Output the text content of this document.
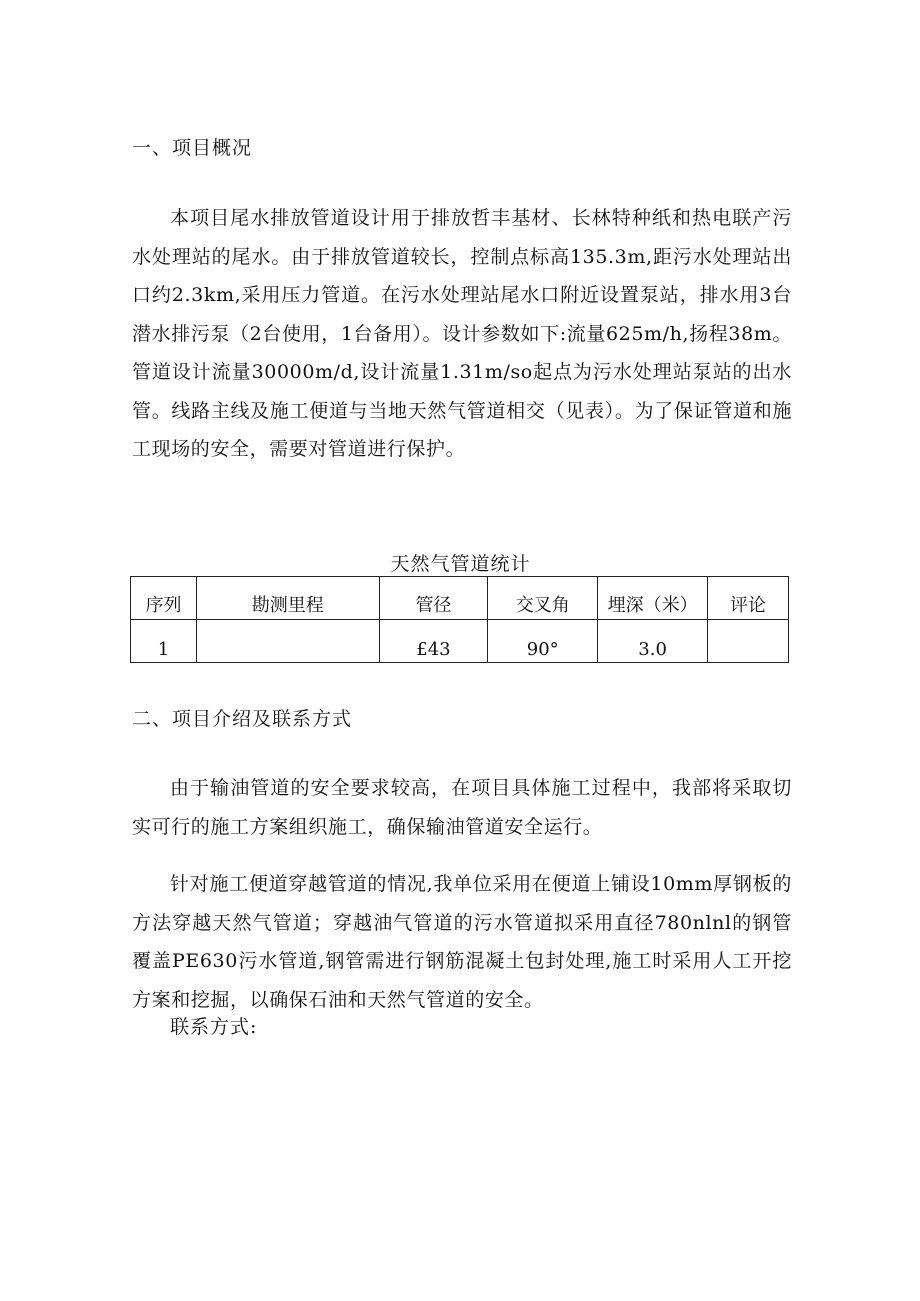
一、项目概况

本项目尾水排放管道设计用于排放哲丰基材、长林特种纸和热电联产污水处理站的尾水。由于排放管道较长，控制点标高135.3m,距污水处理站出口约2.3km,采用压力管道。在污水处理站尾水口附近设置泵站，排水用3台潜水排污泵（2台使用，1台备用）。设计参数如下:流量625m/h,扬程38m。管道设计流量30000m/d,设计流量1.31m/so起点为污水处理站泵站的出水管。线路主线及施工便道与当地天然气管道相交（见表）。为了保证管道和施工现场的安全，需要对管道进行保护。

天然气管道统计
序列	勘测里程	管径	交叉角	埋深（米）	评论
1		£43	90°	3.0	
二、项目介绍及联系方式

由于输油管道的安全要求较高，在项目具体施工过程中，我部将采取切实可行的施工方案组织施工，确保输油管道安全运行。

针对施工便道穿越管道的情况,我单位采用在便道上铺设10mm厚钢板的方法穿越天然气管道；穿越油气管道的污水管道拟采用直径780nlnl的钢管覆盖PE630污水管道,钢管需进行钢筋混凝土包封处理,施工时采用人工开挖方案和挖掘，以确保石油和天然气管道的安全。

联系方式:
